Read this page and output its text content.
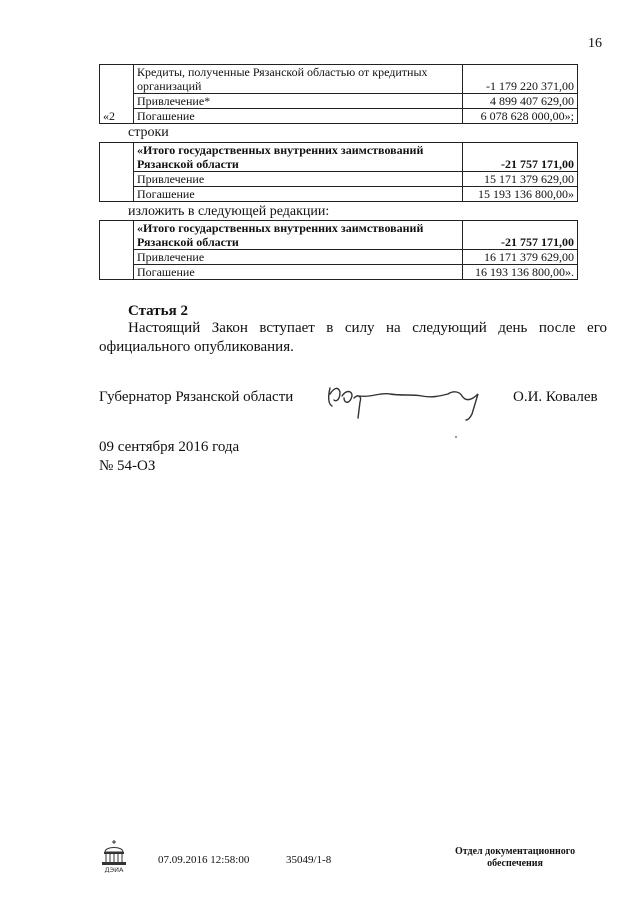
16
«2	Кредиты, полученные Рязанской областью от кредитных организаций	-1 179 220 371,00
	Привлечение*	4 899 407 629,00
	Погашение	6 078 628 000,00»;
строки
	«Итого государственных внутренних заимствований Рязанской области	-21 757 171,00
	Привлечение	15 171 379 629,00
	Погашение	15 193 136 800,00»
изложить в следующей редакции:
	«Итого государственных внутренних заимствований Рязанской области	-21 757 171,00
	Привлечение	16 171 379 629,00
	Погашение	16 193 136 800,00».
Статья 2
Настоящий Закон вступает в силу на следующий день после его официального опубликования.
Губернатор Рязанской области	О.И. Ковалев
09 сентября 2016 года
№ 54-ОЗ
ДЭИА
07.09.2016 12:58:00	35049/1-8
Отдел документационного
обеспечения
